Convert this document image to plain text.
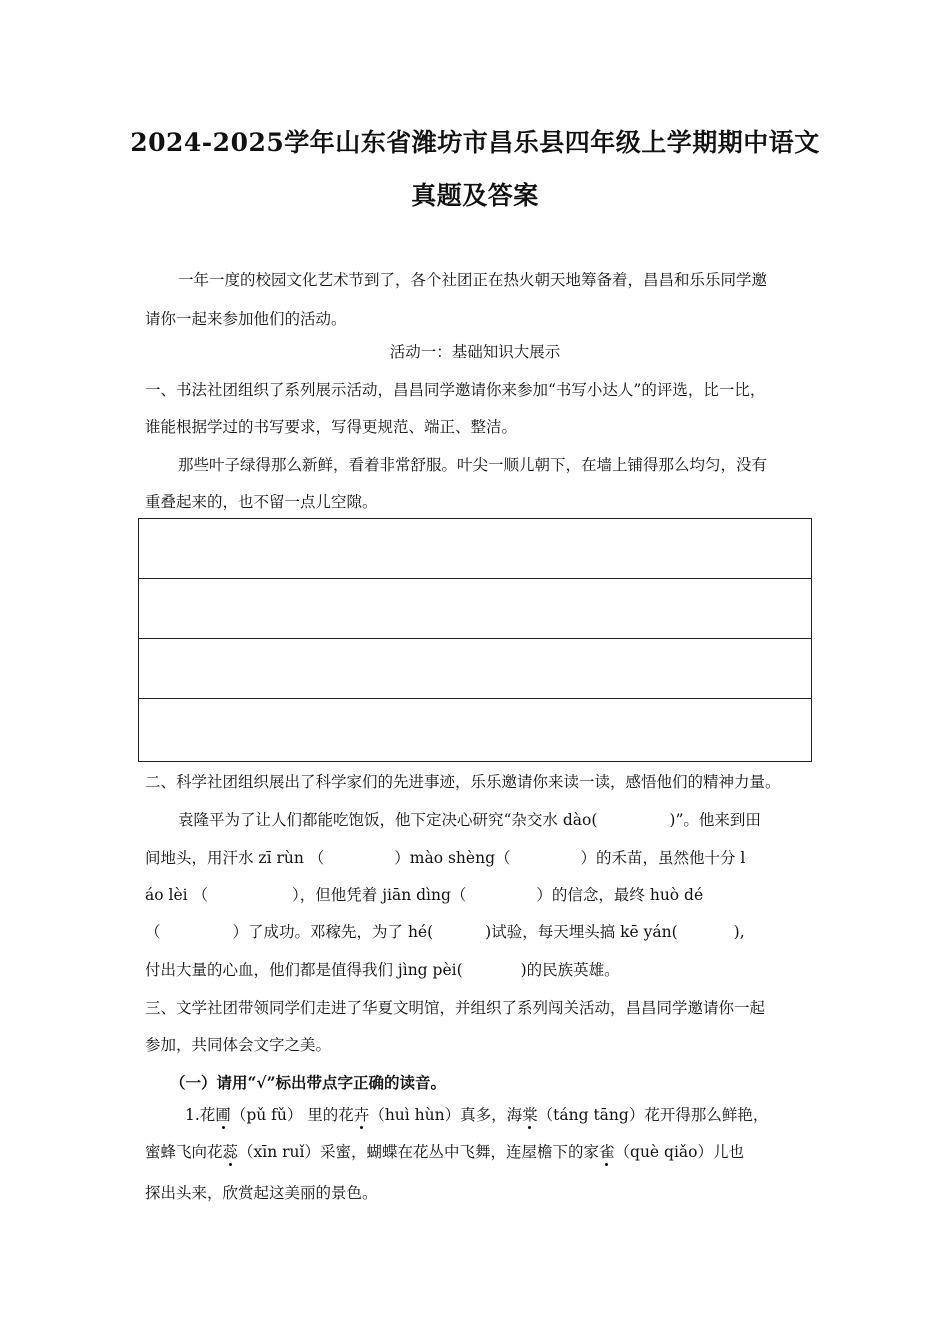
2024-2025学年山东省潍坊市昌乐县四年级上学期期中语文
真题及答案
一年一度的校园文化艺术节到了，各个社团正在热火朝天地筹备着，昌昌和乐乐同学邀
请你一起来参加他们的活动。
活动一：基础知识大展示
一、书法社团组织了系列展示活动，昌昌同学邀请你来参加“书写小达人”的评选，比一比，
谁能根据学过的书写要求，写得更规范、端正、整洁。
那些叶子绿得那么新鲜，看着非常舒服。叶尖一顺儿朝下，在墙上铺得那么均匀，没有
重叠起来的，也不留一点儿空隙。
二、科学社团组织展出了科学家们的先进事迹，乐乐邀请你来读一读，感悟他们的精神力量。
袁隆平为了让人们都能吃饱饭，他下定决心研究“杂交水 dào(	)”。他来到田
间地头，用汗水 zī rùn （	）mào shèng（	）的禾苗，虽然他十分 l
áo lèi （	），但他凭着 jiān dìng（	）的信念，最终 huò dé
（	）了成功。邓稼先，为了 hé(	)试验，每天埋头搞 kē yán(	),
付出大量的心血，他们都是值得我们 jìng pèi(	)的民族英雄。
三、文学社团带领同学们走进了华夏文明馆，并组织了系列闯关活动，昌昌同学邀请你一起
参加，共同体会文字之美。
（一）请用“√”标出带点字正确的读音。
1.花圃（pǔ fǔ） 里的花卉（huì hùn）真多，海棠（táng tāng）花开得那么鲜艳，
蜜蜂飞向花蕊（xīn ruǐ）采蜜，蝴蝶在花丛中飞舞，连屋檐下的家雀（què qiǎo）儿也
探出头来，欣赏起这美丽的景色。
